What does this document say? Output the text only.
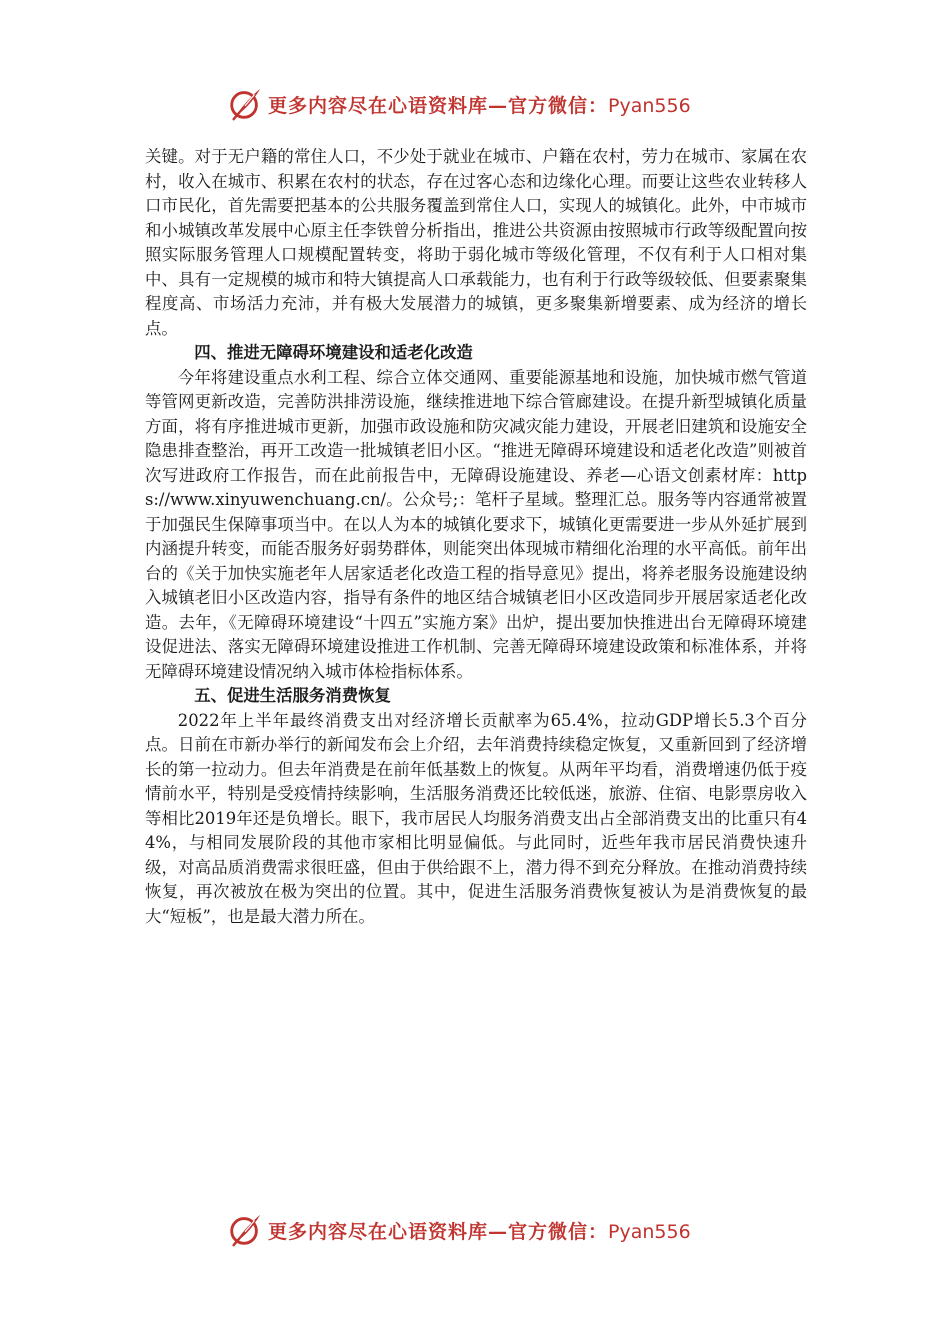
更多内容尽在心语资料库—官方微信：Pyan556

关键。对于无户籍的常住人口，不少处于就业在城市、户籍在农村，劳力在城市、家属在农村，收入在城市、积累在农村的状态，存在过客心态和边缘化心理。而要让这些农业转移人口市民化，首先需要把基本的公共服务覆盖到常住人口，实现人的城镇化。此外，中市城市和小城镇改革发展中心原主任李铁曾分析指出，推进公共资源由按照城市行政等级配置向按照实际服务管理人口规模配置转变，将助于弱化城市等级化管理，不仅有利于人口相对集中、具有一定规模的城市和特大镇提高人口承载能力，也有利于行政等级较低、但要素聚集程度高、市场活力充沛，并有极大发展潜力的城镇，更多聚集新增要素、成为经济的增长点。

四、推进无障碍环境建设和适老化改造

今年将建设重点水利工程、综合立体交通网、重要能源基地和设施，加快城市燃气管道等管网更新改造，完善防洪排涝设施，继续推进地下综合管廊建设。在提升新型城镇化质量方面，将有序推进城市更新，加强市政设施和防灾减灾能力建设，开展老旧建筑和设施安全隐患排查整治，再开工改造一批城镇老旧小区。“推进无障碍环境建设和适老化改造”则被首次写进政府工作报告，而在此前报告中，无障碍设施建设、养老—心语文创素材库：https://www.xinyuwenchuang.cn/。公众号;：笔杆子星域。整理汇总。服务等内容通常被置于加强民生保障事项当中。在以人为本的城镇化要求下，城镇化更需要进一步从外延扩展到内涵提升转变，而能否服务好弱势群体，则能突出体现城市精细化治理的水平高低。前年出台的《关于加快实施老年人居家适老化改造工程的指导意见》提出，将养老服务设施建设纳入城镇老旧小区改造内容，指导有条件的地区结合城镇老旧小区改造同步开展居家适老化改造。去年，《无障碍环境建设“十四五”实施方案》出炉，提出要加快推进出台无障碍环境建设促进法、落实无障碍环境建设推进工作机制、完善无障碍环境建设政策和标准体系，并将无障碍环境建设情况纳入城市体检指标体系。

五、促进生活服务消费恢复

2022年上半年最终消费支出对经济增长贡献率为65.4%，拉动GDP增长5.3个百分点。日前在市新办举行的新闻发布会上介绍，去年消费持续稳定恢复，又重新回到了经济增长的第一拉动力。但去年消费是在前年低基数上的恢复。从两年平均看，消费增速仍低于疫情前水平，特别是受疫情持续影响，生活服务消费还比较低迷，旅游、住宿、电影票房收入等相比2019年还是负增长。眼下，我市居民人均服务消费支出占全部消费支出的比重只有44%，与相同发展阶段的其他市家相比明显偏低。与此同时，近些年我市居民消费快速升级，对高品质消费需求很旺盛，但由于供给跟不上，潜力得不到充分释放。在推动消费持续恢复，再次被放在极为突出的位置。其中，促进生活服务消费恢复被认为是消费恢复的最大“短板”，也是最大潜力所在。

更多内容尽在心语资料库—官方微信：Pyan556
